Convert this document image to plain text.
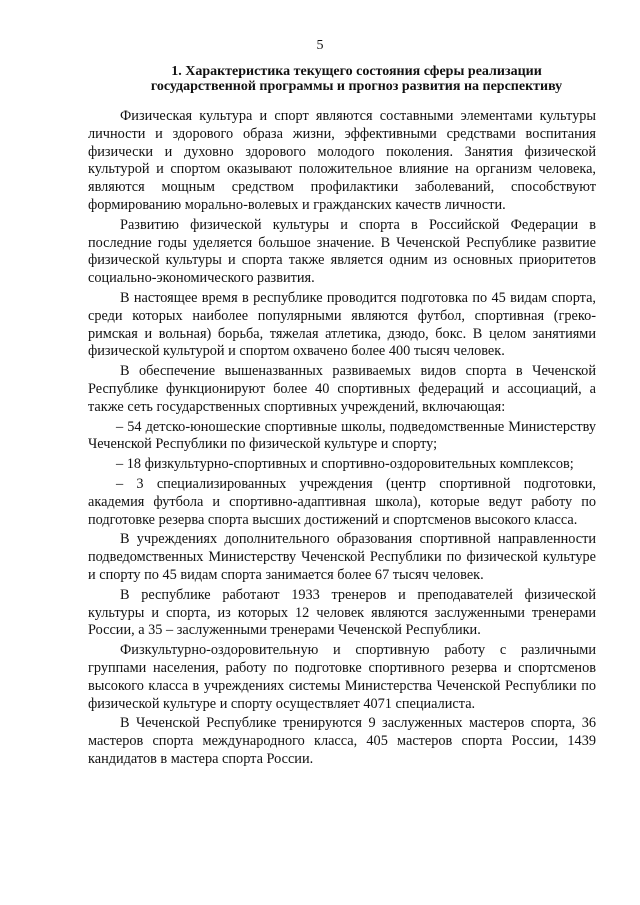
5
1. Характеристика текущего состояния сферы реализации
государственной программы и прогноз развития на перспективу

Физическая культура и спорт являются составными элементами культуры личности и здорового образа жизни, эффективными средствами воспитания физически и духовно здорового молодого поколения. Занятия физической культурой и спортом оказывают положительное влияние на организм человека, являются мощным средством профилактики заболеваний, способствуют формированию морально-волевых и гражданских качеств личности.

Развитию физической культуры и спорта в Российской Федерации в последние годы уделяется большое значение. В Чеченской Республике развитие физической культуры и спорта также является одним из основных приоритетов социально-экономического развития.

В настоящее время в республике проводится подготовка по 45 видам спорта, среди которых наиболее популярными являются футбол, спортивная (греко-римская и вольная) борьба, тяжелая атлетика, дзюдо, бокс. В целом занятиями физической культурой и спортом охвачено более 400 тысяч человек.

В обеспечение вышеназванных развиваемых видов спорта в Чеченской Республике функционируют более 40 спортивных федераций и ассоциаций, а также сеть государственных спортивных учреждений, включающая:

– 54 детско-юношеские спортивные школы, подведомственные Министерству Чеченской Республики по физической культуре и спорту;

– 18 физкультурно-спортивных и спортивно-оздоровительных комплексов;

– 3 специализированных учреждения (центр спортивной подготовки, академия футбола и спортивно-адаптивная школа), которые ведут работу по подготовке резерва спорта высших достижений и спортсменов высокого класса.

В учреждениях дополнительного образования спортивной направленности подведомственных Министерству Чеченской Республики по физической культуре и спорту по 45 видам спорта занимается более 67 тысяч человек.

В республике работают 1933 тренеров и преподавателей физической культуры и спорта, из которых 12 человек являются заслуженными тренерами России, а 35 – заслуженными тренерами Чеченской Республики.

Физкультурно-оздоровительную и спортивную работу с различными группами населения, работу по подготовке спортивного резерва и спортсменов высокого класса в учреждениях системы Министерства Чеченской Республики по физической культуре и спорту осуществляет 4071 специалиста.

В Чеченской Республике тренируются 9 заслуженных мастеров спорта, 36 мастеров спорта международного класса, 405 мастеров спорта России, 1439 кандидатов в мастера спорта России.
